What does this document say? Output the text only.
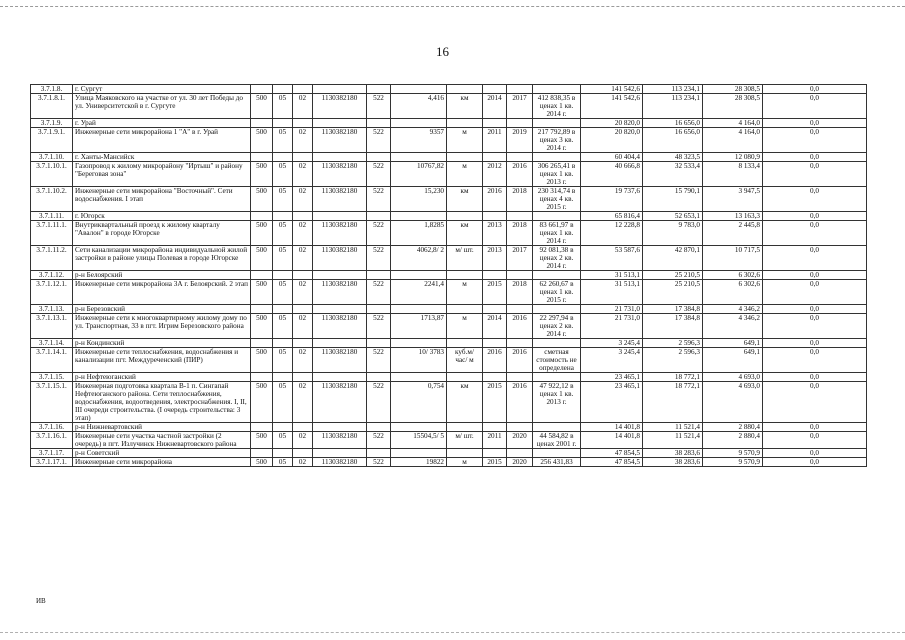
16
3.7.1.8.	г. Сургут											141 542,6	113 234,1	28 308,5	0,0
3.7.1.8.1.	Улица Маяковского на участке от ул. 30 лет Победы до ул. Университетской в г. Сургуте	500	05	02	1130382180	522	4,416	км	2014	2017	412 838,35 в ценах 1 кв. 2014 г.	141 542,6	113 234,1	28 308,5	0,0
3.7.1.9.	г. Урай											20 820,0	16 656,0	4 164,0	0,0
3.7.1.9.1.	Инженерные сети микрорайона 1 "А" в г. Урай	500	05	02	1130382180	522	9357	м	2011	2019	217 792,89 в ценах 3 кв. 2014 г.	20 820,0	16 656,0	4 164,0	0,0
3.7.1.10.	г. Ханты-Мансийск											60 404,4	48 323,5	12 080,9	0,0
3.7.1.10.1.	Газопровод к жилому микрорайону "Иртыш" и району "Береговая зона"	500	05	02	1130382180	522	10767,82	м	2012	2016	306 265,41 в ценах 1 кв. 2013 г.	40 666,8	32 533,4	8 133,4	0,0
3.7.1.10.2.	Инженерные сети микрорайона "Восточный". Сети водоснабжения. I этап	500	05	02	1130382180	522	15,230	км	2016	2018	230 314,74 в ценах 4 кв. 2015 г.	19 737,6	15 790,1	3 947,5	0,0
3.7.1.11.	г. Югорск											65 816,4	52 653,1	13 163,3	0,0
3.7.1.11.1.	Внутриквартальный проезд к жилому кварталу "Авалон" в городе Югорске	500	05	02	1130382180	522	1,8285	км	2013	2018	83 661,97 в ценах 1 кв. 2014 г.	12 228,8	9 783,0	2 445,8	0,0
3.7.1.11.2.	Сети канализации микрорайона индивидуальной жилой застройки в районе улицы Полевая в городе Югорске	500	05	02	1130382180	522	4062,8/ 2	м/ шт.	2013	2017	92 081,38 в ценах 2 кв. 2014 г.	53 587,6	42 870,1	10 717,5	0,0
3.7.1.12.	р-н Белоярский											31 513,1	25 210,5	6 302,6	0,0
3.7.1.12.1.	Инженерные сети микрорайона 3А г. Белоярский. 2 этап	500	05	02	1130382180	522	2241,4	м	2015	2018	62 260,67 в ценах 1 кв. 2015 г.	31 513,1	25 210,5	6 302,6	0,0
3.7.1.13.	р-н Березовский											21 731,0	17 384,8	4 346,2	0,0
3.7.1.13.1.	Инженерные сети к многоквартирному жилому дому по ул. Транспортная, 33 в пгт. Игрим Березовского района	500	05	02	1130382180	522	1713,87	м	2014	2016	22 297,94 в ценах 2 кв. 2014 г.	21 731,0	17 384,8	4 346,2	0,0
3.7.1.14.	р-н Кондинский											3 245,4	2 596,3	649,1	0,0
3.7.1.14.1.	Инженерные сети теплоснабжения, водоснабжения и канализации пгт. Междуреченский (ПИР)	500	05	02	1130382180	522	10/ 3783	куб.м/ час/ м	2016	2016	сметная стоимость не определена	3 245,4	2 596,3	649,1	0,0
3.7.1.15.	р-н Нефтеюганский											23 465,1	18 772,1	4 693,0	0,0
3.7.1.15.1.	Инженерная подготовка квартала В-1 п. Сингапай Нефтеюганского района. Сети теплоснабжения, водоснабжения, водоотведения, электроснабжения. I, II, III очереди строительства. (I очередь строительства: 3 этап)	500	05	02	1130382180	522	0,754	км	2015	2016	47 922,12 в ценах 1 кв. 2013 г.	23 465,1	18 772,1	4 693,0	0,0
3.7.1.16.	р-н Нижневартовский											14 401,8	11 521,4	2 880,4	0,0
3.7.1.16.1.	Инженерные сети участка частной застройки (2 очередь) в пгт. Излучинск Нижневартовского района	500	05	02	1130382180	522	15504,5/ 5	м/ шт.	2011	2020	44 584,82 в ценах 2001 г.	14 401,8	11 521,4	2 880,4	0,0
3.7.1.17.	р-н Советский											47 854,5	38 283,6	9 570,9	0,0
3.7.1.17.1.	Инженерные сети микрорайона	500	05	02	1130382180	522	19822	м	2015	2020	256 431,83	47 854,5	38 283,6	9 570,9	0,0
ИВ
